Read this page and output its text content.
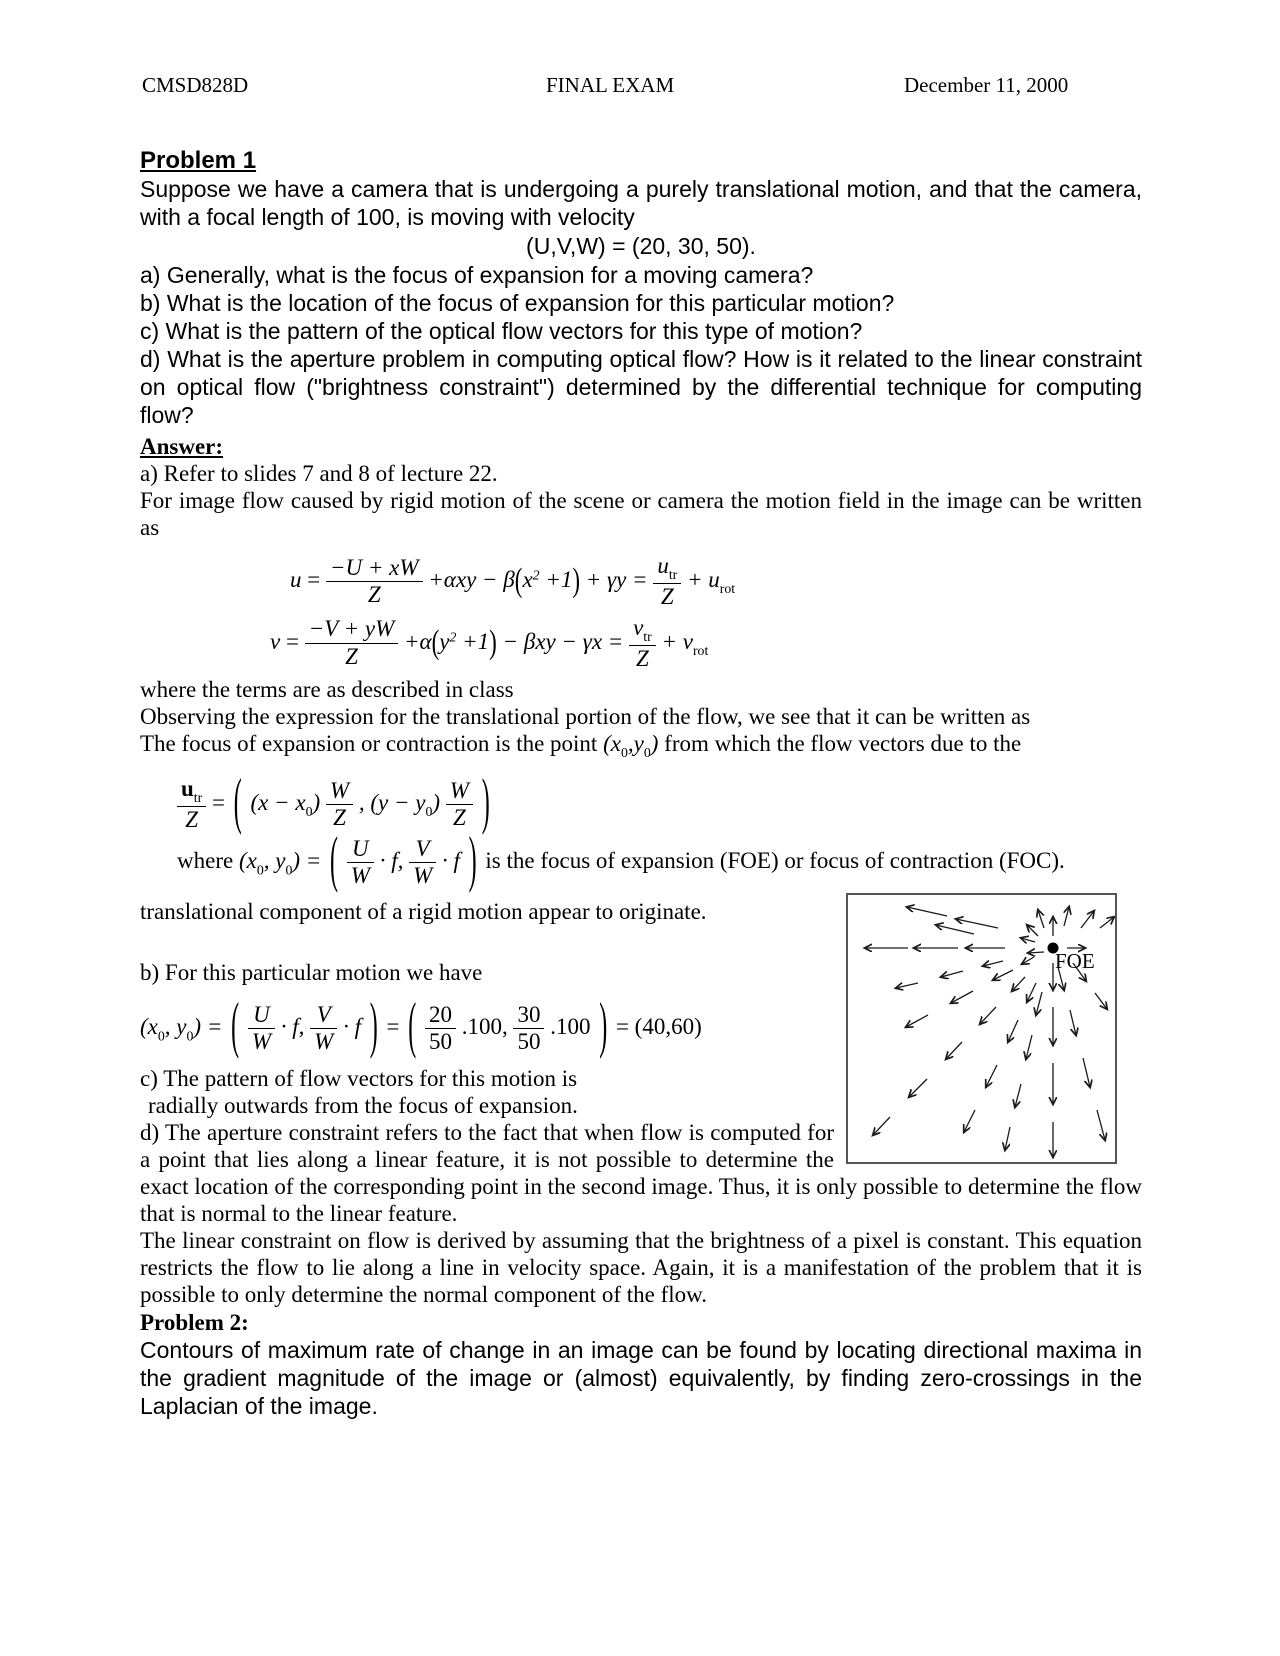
CMSD828D	FINAL EXAM	December 11, 2000
Problem 1

Suppose we have a camera that is undergoing a purely translational motion, and that the camera, with a focal length of 100, is moving with velocity

(U,V,W) = (20, 30, 50).

a) Generally, what is the focus of expansion for a moving camera?

b) What is the location of the focus of expansion for this particular motion?

c) What is the pattern of the optical flow vectors for this type of motion?

d) What is the aperture problem in computing optical flow? How is it related to the linear constraint on optical flow ("brightness constraint") determined by the differential technique for computing flow?

Answer:

a) Refer to slides 7 and 8 of lecture 22.

For image flow caused by rigid motion of the scene or camera the motion field in the image can be written as

$u = \frac{-U + xW}{Z} +\alpha xy - \beta(x^2 +1) + \gamma y = \frac{u_{tr}}{Z} + u_{rot}$
$v = \frac{-V + yW}{Z} +\alpha(y^2 +1) - \beta xy - \gamma x = \frac{v_{tr}}{Z} + v_{rot}$

where the terms are as described in class

Observing the expression for the translational portion of the flow, we see that it can be written as

The focus of expansion or contraction is the point $(x_0,y_0)$ from which the flow vectors due to the

$\frac{u_{tr}}{Z}$ = ( $(x - x_0) \frac{W}{Z}$ , $(y - y_0) \frac{W}{Z}$ )
where ($x_0$, $y_0$) = ( $\frac{U}{W} \cdot f$, $\frac{V}{W} \cdot f$ ) is the focus of expansion (FOE) or focus of contraction (FOC).
FOE

translational component of a rigid motion appear to originate.

b) For this particular motion we have

($x_0$, $y_0$) = ( $\frac{U}{W} \cdot f$, $\frac{V}{W} \cdot f$ ) = ( $\frac{20}{50} .100$, $\frac{30}{50} .100$ ) = (40,60)

c) The pattern of flow vectors for this motion is

radially outwards from the focus of expansion.

d) The aperture constraint refers to the fact that when flow is computed for a point that lies along a linear feature, it is not possible to determine the exact location of the corresponding point in the second image. Thus, it is only possible to determine the flow that is normal to the linear feature.

The linear constraint on flow is derived by assuming that the brightness of a pixel is constant. This equation restricts the flow to lie along a line in velocity space. Again, it is a manifestation of the problem that it is possible to only determine the normal component of the flow.

Problem 2:

Contours of maximum rate of change in an image can be found by locating directional maxima in the gradient magnitude of the image or (almost) equivalently, by finding zero-crossings in the Laplacian of the image.
